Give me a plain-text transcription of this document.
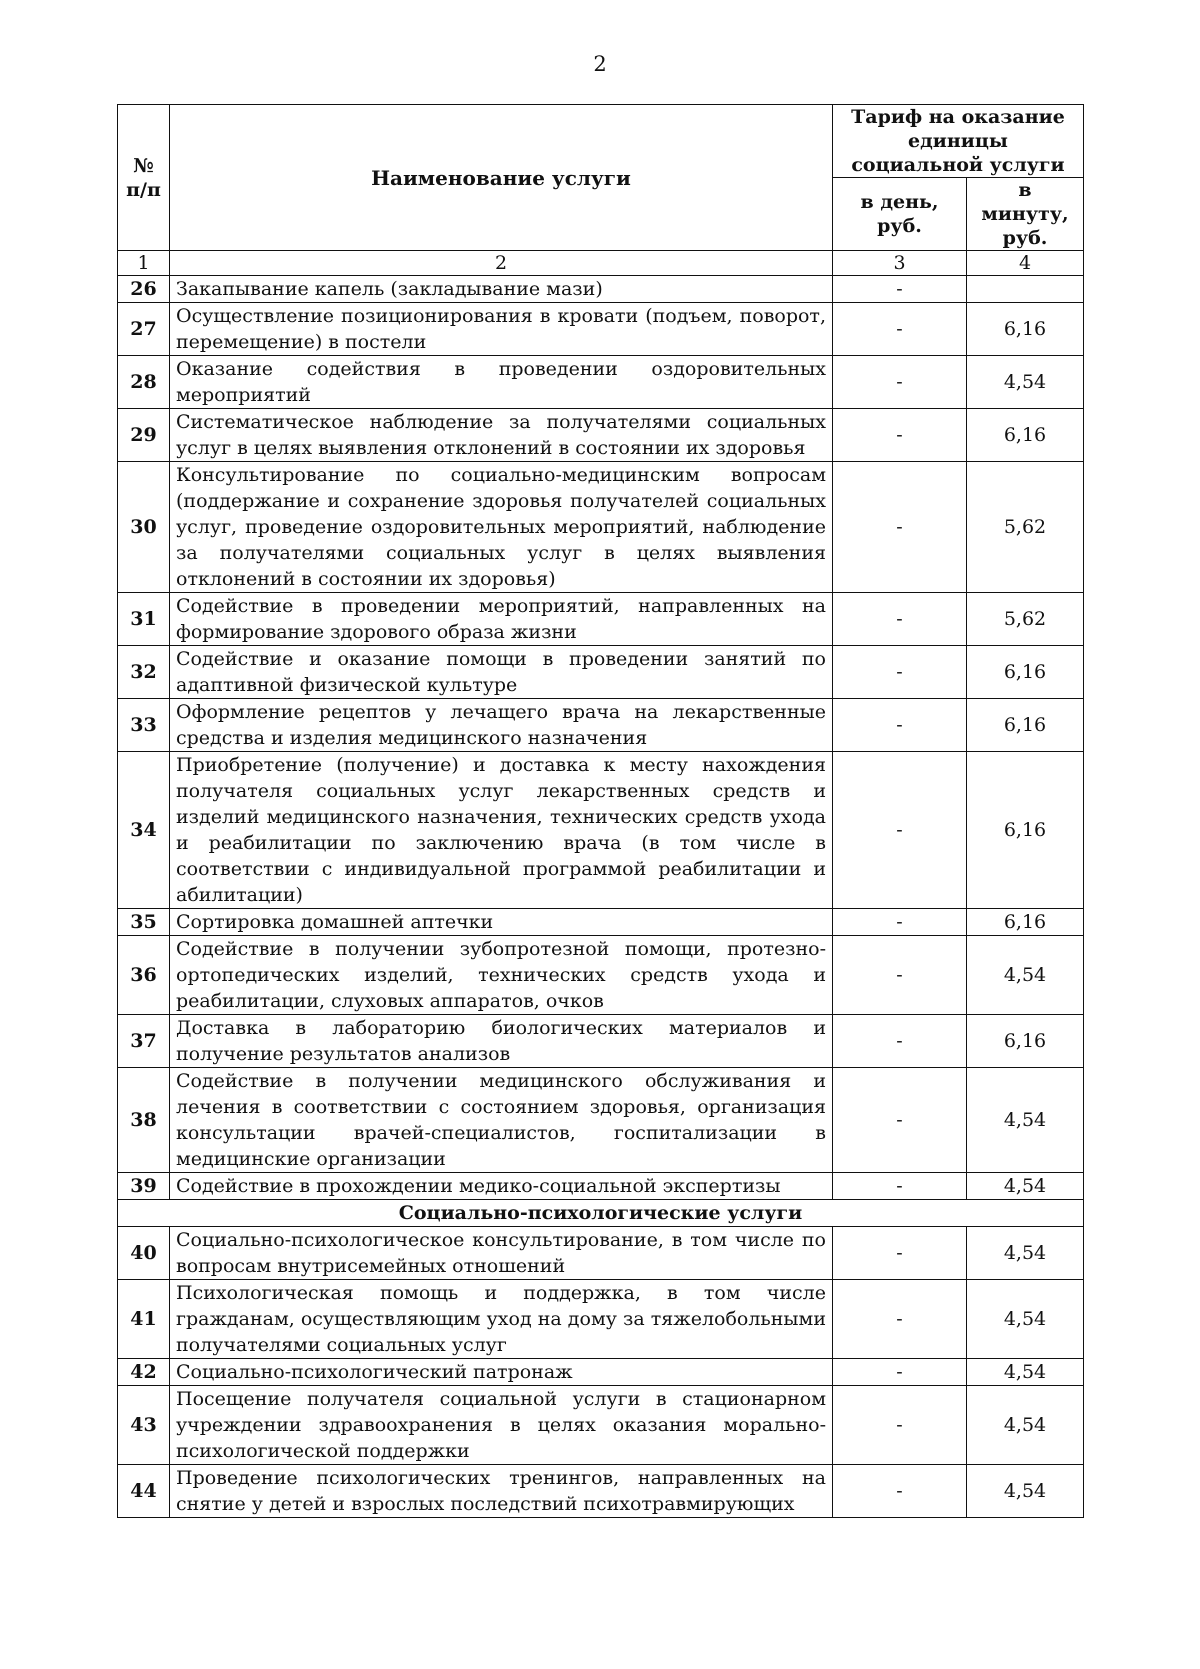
2
№ п/п	Наименование услуги	Тариф на оказание единицы социальной услуги	
		в день, руб.	в минуту, руб.
1	2	3	4
26	Закапывание капель (закладывание мази)	-	
27	Осуществление позиционирования в кровати (подъем, поворот, перемещение) в постели	-	6,16
28	Оказание содействия в проведении оздоровительных мероприятий	-	4,54
29	Систематическое наблюдение за получателями социальных услуг в целях выявления отклонений в состоянии их здоровья	-	6,16
30	Консультирование по социально-медицинским вопросам (поддержание и сохранение здоровья получателей социальных услуг, проведение оздоровительных мероприятий, наблюдение за получателями социальных услуг в целях выявления отклонений в состоянии их здоровья)	-	5,62
31	Содействие в проведении мероприятий, направленных на формирование здорового образа жизни	-	5,62
32	Содействие и оказание помощи в проведении занятий по адаптивной физической культуре	-	6,16
33	Оформление рецептов у лечащего врача на лекарственные средства и изделия медицинского назначения	-	6,16
34	Приобретение (получение) и доставка к месту нахождения получателя социальных услуг лекарственных средств и изделий медицинского назначения, технических средств ухода и реабилитации по заключению врача (в том числе в соответствии с индивидуальной программой реабилитации и абилитации)	-	6,16
35	Сортировка домашней аптечки	-	6,16
36	Содействие в получении зубопротезной помощи, протезно-ортопедических изделий, технических средств ухода и реабилитации, слуховых аппаратов, очков	-	4,54
37	Доставка в лабораторию биологических материалов и получение результатов анализов	-	6,16
38	Содействие в получении медицинского обслуживания и лечения в соответствии с состоянием здоровья, организация консультации врачей-специалистов, госпитализации в медицинские организации	-	4,54
39	Содействие в прохождении медико-социальной экспертизы	-	4,54
Социально-психологические услуги			
40	Социально-психологическое консультирование, в том числе по вопросам внутрисемейных отношений	-	4,54
41	Психологическая помощь и поддержка, в том числе гражданам, осуществляющим уход на дому за тяжелобольными получателями социальных услуг	-	4,54
42	Социально-психологический патронаж	-	4,54
43	Посещение получателя социальной услуги в стационарном учреждении здравоохранения в целях оказания морально-психологической поддержки	-	4,54
44	Проведение психологических тренингов, направленных на снятие у детей и взрослых последствий психотравмирующих	-	4,54
